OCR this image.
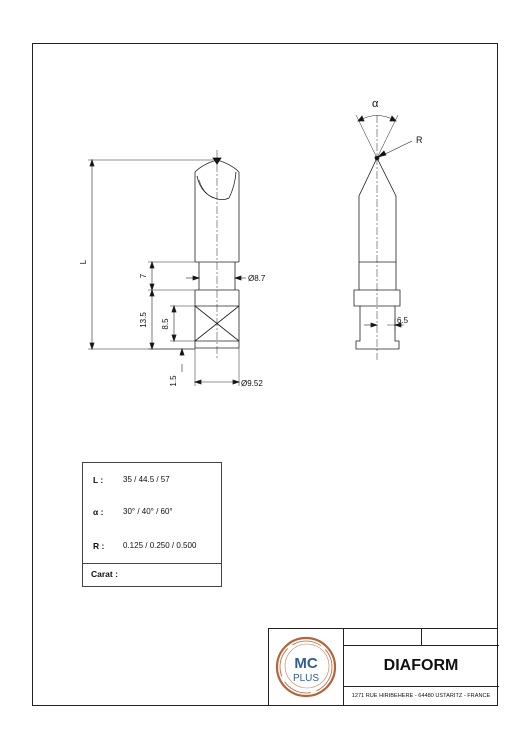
L
7
13.5 8.5
1.5
Ø8.7
Ø9.52
α
R
6.5
L : 35 / 44.5 / 57
α : 30° / 40° / 60°
R : 0.125 / 0.250 / 0.500
Carat :
MC
PLUS
DIAFORM
1271 RUE HIRIBEHERE - 64480 USTARITZ - FRANCE
